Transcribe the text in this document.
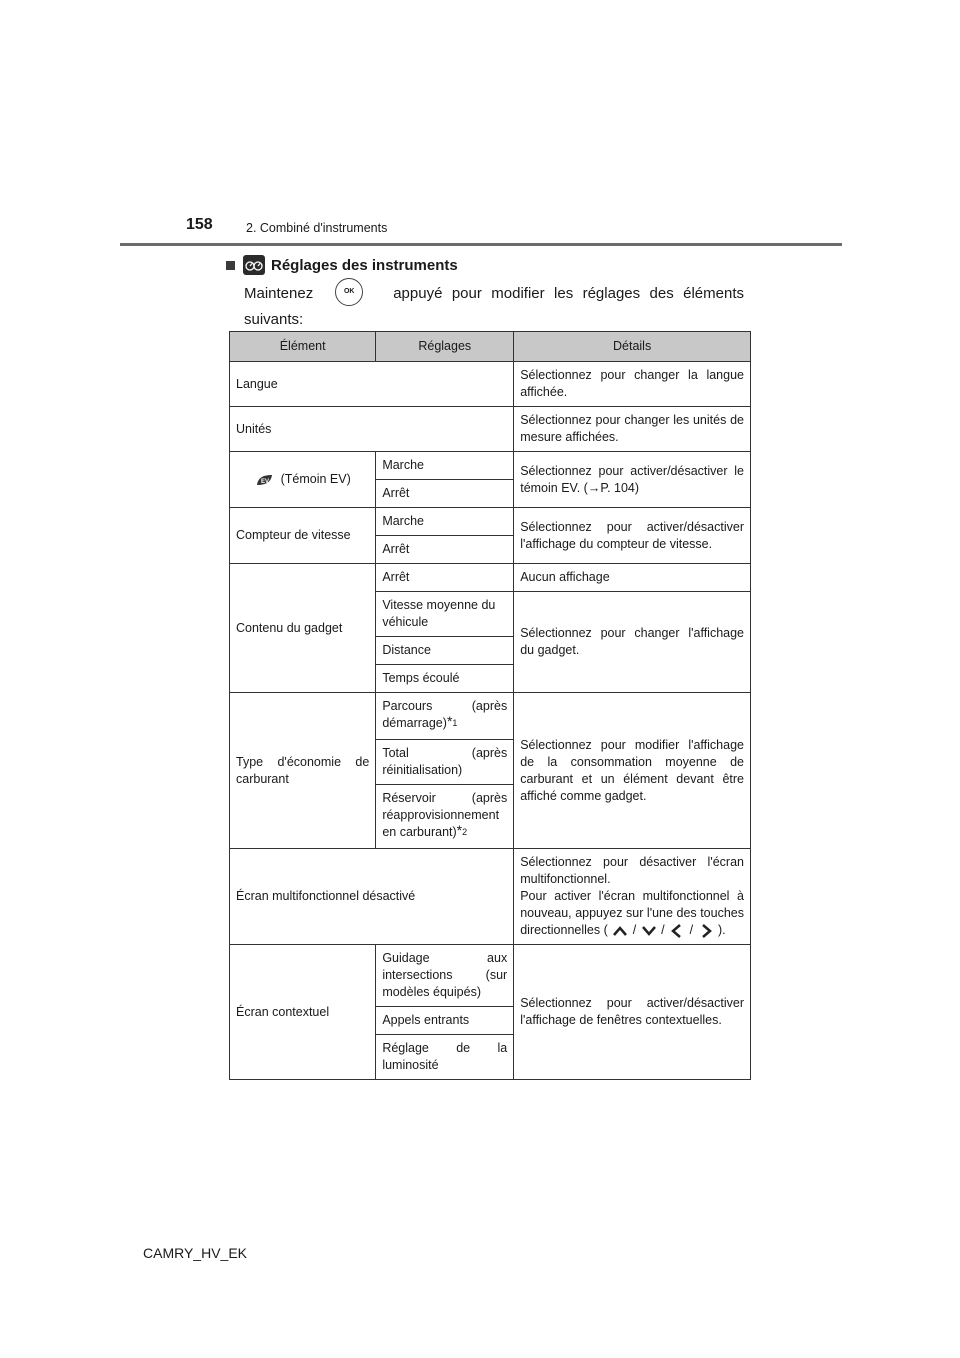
158	2. Combiné d'instruments
Réglages des instruments
Maintenez	OK	appuyé pour modifier les réglages des éléments suivants:
Élément	Réglages	Détails
Langue		Sélectionnez pour changer la langue affichée.
Unités		Sélectionnez pour changer les unités de mesure affichées.

EV (Témoin EV)	Marche	Sélectionnez pour activer/désactiver le témoin EV. (→P. 104)
	Arrêt	
Compteur de vitesse	Marche	Sélectionnez pour activer/désactiver l'affichage du compteur de vitesse.
	Arrêt	
Contenu du gadget	Arrêt	Aucun affichage
	Vitesse moyenne du véhicule	Sélectionnez pour changer l'affichage du gadget.
	Distance	
	Temps écoulé	
Type d'économie de carburant	Parcours (après démarrage)$^{*1}$	Sélectionnez pour modifier l'affichage de la consommation moyenne de carburant et un élément devant être affiché comme gadget.
	Total (après réinitialisation)	
	Réservoir (après réapprovisionnement en carburant)$^{*2}$
Écran multifonctionnel désactivé		Sélectionnez pour désactiver l'écran multifonctionnel.
Pour activer l'écran multifonctionnel à nouveau, appuyez sur l'une des touches directionnelles (  /  /  /  ).
Écran contextuel	Guidage aux intersections (sur modèles équipés)	Sélectionnez pour activer/désactiver l'affichage de fenêtres contextuelles.
	Appels entrants	
	Réglage de la luminosité	
CAMRY_HV_EK
